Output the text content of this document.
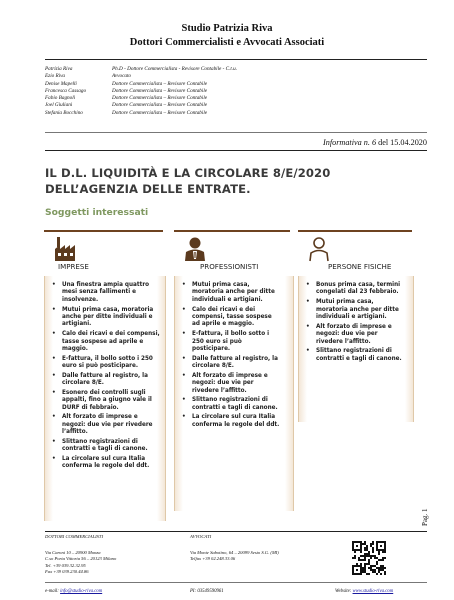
Studio Patrizia Riva
Dottori Commercialisti e Avvocati Associati
Patrizia Riva	Ph.D - Dottore Commercialista - Revisore Contabile - C.t.u.
Ezio Riva	Avvocato
Denise Mapelli	Dottore Commercialista – Revisore Contabile
Francesca Cassago	Dottore Commercialista – Revisore Contabile
Fabio Bagnoli	Dottore Commercialista – Revisore Contabile
Joel Giuliani	Dottore Commercialista – Revisore Contabile
Stefania Bocchino	Dottore Commercialista – Revisore Contabile
Informativa n. 6 del 15.04.2020
IL D.L. LIQUIDITÀ E LA CIRCOLARE 8/E/2020 DELL’AGENZIA DELLE ENTRATE.
Soggetti interessati
IMPRESE
• Una finestra ampia quattro mesi senza fallimenti e insolvenze.
• Mutui prima casa, moratoria anche per ditte individuali e artigiani.
• Calo dei ricavi e dei compensi, tasse sospese ad aprile e maggio.
• E-fattura, il bollo sotto i 250 euro si può posticipare.
• Dalle fatture al registro, la circolare 8/E.
• Esonero dei controlli sugli appalti, fino a giugno vale il DURF di febbraio.
• Alt forzato di imprese e negozi: due vie per rivedere l’affitto.
• Slittano registrazioni di contratti e tagli di canone.
• La circolare sul cura Italia conferma le regole del ddt.
PROFESSIONISTI
• Mutui prima casa, moratoria anche per ditte individuali e artigiani.
• Calo dei ricavi e dei compensi, tasse sospese ad aprile e maggio.
• E-fattura, il bollo sotto i 250 euro si può posticipare.
• Dalle fatture al registro, la circolare 8/E.
• Alt forzato di imprese e negozi: due vie per rivedere l’affitto.
• Slittano registrazioni di contratti e tagli di canone.
• La circolare sul cura Italia conferma le regole del ddt.
PERSONE FISICHE
• Bonus prima casa, termini congelati dal 23 febbraio.
• Mutui prima casa, moratoria anche per ditte individuali e artigiani.
• Alt forzato di imprese e negozi: due vie per rivedere l’affitto.
• Slittano registrazioni di contratti e tagli di canone.
Pag. 1
DOTTORI COMMERCIALISTI
Via Caroni 10 – 20900 Monza
C.so Porta Vittoria 56 – 20123 Milano
Tel. +39 039.32.32.95
Fax +39 039.230.44.86
AVVOCATI
Via Monte Sabotino, 64 – 20099 Sesto S.G. (MI)
Telfax +39 02.248.33.06
e-mail: info@studio-riva.com	PI: 03549590961	Website: www.studio-riva.com
